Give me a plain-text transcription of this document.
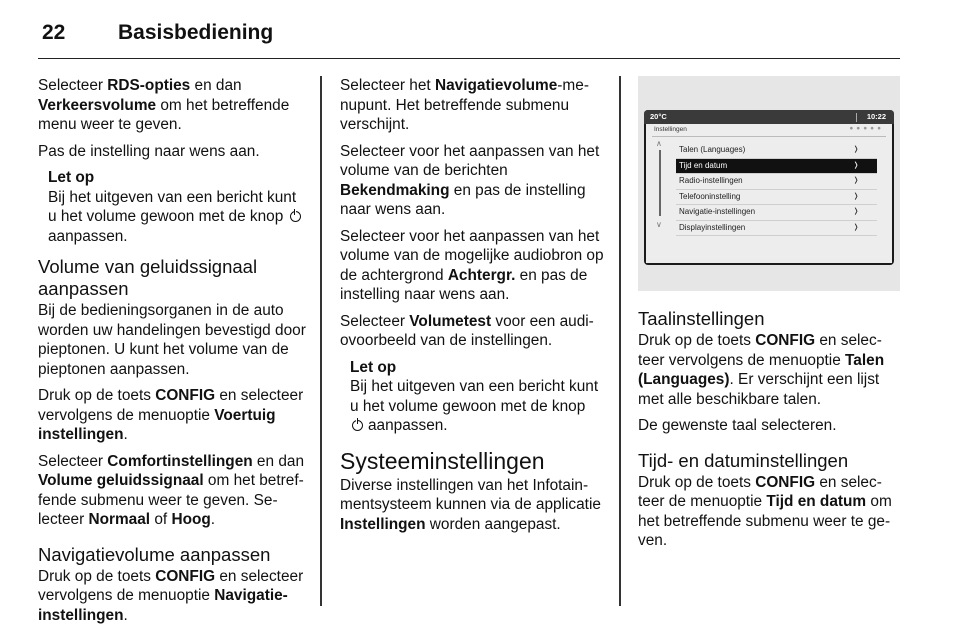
22	Basisbediening

Selecteer RDS-opties en dan Verkeersvolume om het betreffende menu weer te geven.

Pas de instelling naar wens aan.

Let op
Bij het uitgeven van een bericht kunt u het volume gewoon met de knop aanpassen.
Volume van geluidssignaal aanpassen

Bij de bedieningsorganen in de auto worden uw handelingen bevestigd door pieptonen. U kunt het volume van de pieptonen aanpassen.

Druk op de toets CONFIG en selecteer vervolgens de menuoptie Voertuig instellingen.

Selecteer Comfortinstellingen en dan Volume geluidssignaal om het betreffende submenu weer te geven. Selecteer Normaal of Hoog.

Navigatievolume aanpassen

Druk op de toets CONFIG en selecteer vervolgens de menuoptie Navigatie-instellingen.

Selecteer het Navigatievolume-menupunt. Het betreffende submenu verschijnt.

Selecteer voor het aanpassen van het volume van de berichten Bekendmaking en pas de instelling naar wens aan.

Selecteer voor het aanpassen van het volume van de mogelijke audiobron op de achtergrond Achtergr. en pas de instelling naar wens aan.

Selecteer Volumetest voor een audiovoorbeeld van de instellingen.

Let op
Bij het uitgeven van een bericht kunt u het volume gewoon met de knop aanpassen.
Systeeminstellingen

Diverse instellingen van het Infotainmentsysteem kunnen via de applicatie Instellingen worden aangepast.

20°C	10:22
Instellingen	●●●●●
∧
∨
Talen (Languages)	❭
Tijd en datum	❭
Radio-instellingen	❭
Telefooninstelling	❭
Navigatie-instellingen	❭
Displayinstellingen	❭
Taalinstellingen

Druk op de toets CONFIG en selecteer vervolgens de menuoptie Talen (Languages). Er verschijnt een lijst met alle beschikbare talen.

De gewenste taal selecteren.

Tijd- en datuminstellingen

Druk op de toets CONFIG en selecteer de menuoptie Tijd en datum om het betreffende submenu weer te geven.
